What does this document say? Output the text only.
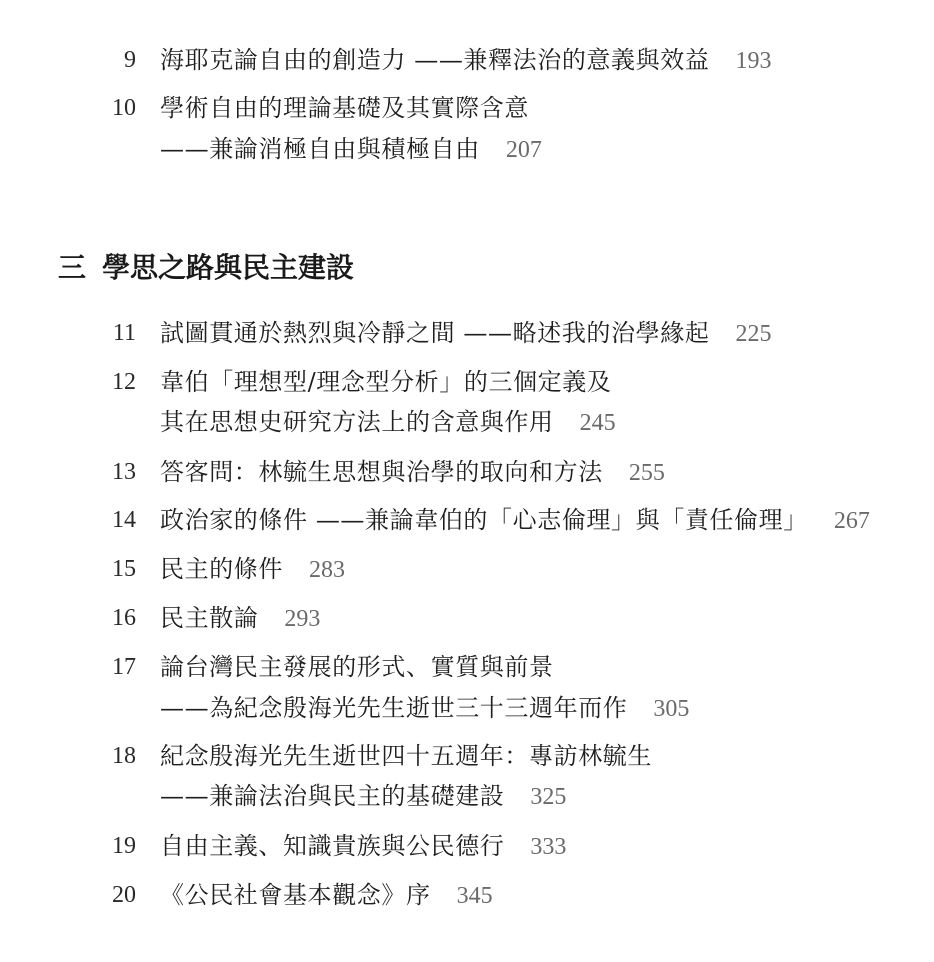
9 海耶克論自由的創造力 ——兼釋法治的意義與效益 193
10 學術自由的理論基礎及其實際含意
——兼論消極自由與積極自由 207
三 學思之路與民主建設
11 試圖貫通於熱烈與冷靜之間 ——略述我的治學緣起 225
12 韋伯「理想型/理念型分析」的三個定義及
其在思想史研究方法上的含意與作用 245
13 答客問：林毓生思想與治學的取向和方法 255
14 政治家的條件 ——兼論韋伯的「心志倫理」與「責任倫理」 267
15 民主的條件 283
16 民主散論 293
17 論台灣民主發展的形式、實質與前景
——為紀念殷海光先生逝世三十三週年而作 305
18 紀念殷海光先生逝世四十五週年：專訪林毓生
——兼論法治與民主的基礎建設 325
19 自由主義、知識貴族與公民德行 333
20 《公民社會基本觀念》序 345
